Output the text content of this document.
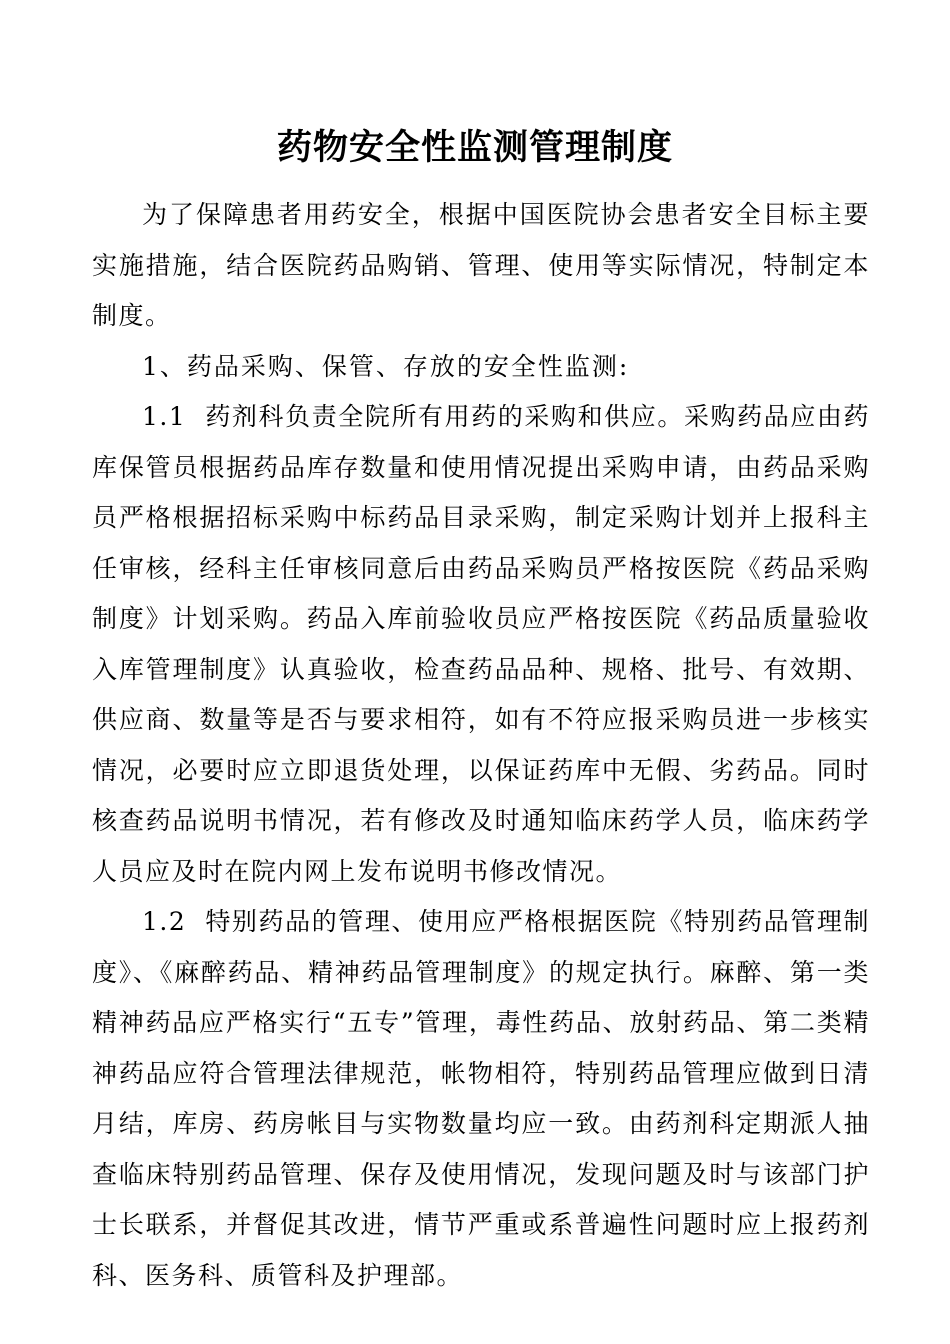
药物安全性监测管理制度

为了保障患者用药安全，根据中国医院协会患者安全目标主要实施措施，结合医院药品购销、管理、使用等实际情况，特制定本制度。

1、药品采购、保管、存放的安全性监测:

1.1  药剂科负责全院所有用药的采购和供应。采购药品应由药库保管员根据药品库存数量和使用情况提出采购申请，由药品采购员严格根据招标采购中标药品目录采购，制定采购计划并上报科主任审核，经科主任审核同意后由药品采购员严格按医院《药品采购制度》计划采购。药品入库前验收员应严格按医院《药品质量验收入库管理制度》认真验收，检查药品品种、规格、批号、有效期、供应商、数量等是否与要求相符，如有不符应报采购员进一步核实情况，必要时应立即退货处理，以保证药库中无假、劣药品。同时核查药品说明书情况，若有修改及时通知临床药学人员，临床药学人员应及时在院内网上发布说明书修改情况。

1.2  特别药品的管理、使用应严格根据医院《特别药品管理制度》、《麻醉药品、精神药品管理制度》的规定执行。麻醉、第一类精神药品应严格实行“五专”管理，毒性药品、放射药品、第二类精神药品应符合管理法律规范，帐物相符，特别药品管理应做到日清月结，库房、药房帐目与实物数量均应一致。由药剂科定期派人抽查临床特别药品管理、保存及使用情况，发现问题及时与该部门护士长联系，并督促其改进，情节严重或系普遍性问题时应上报药剂科、医务科、质管科及护理部。
